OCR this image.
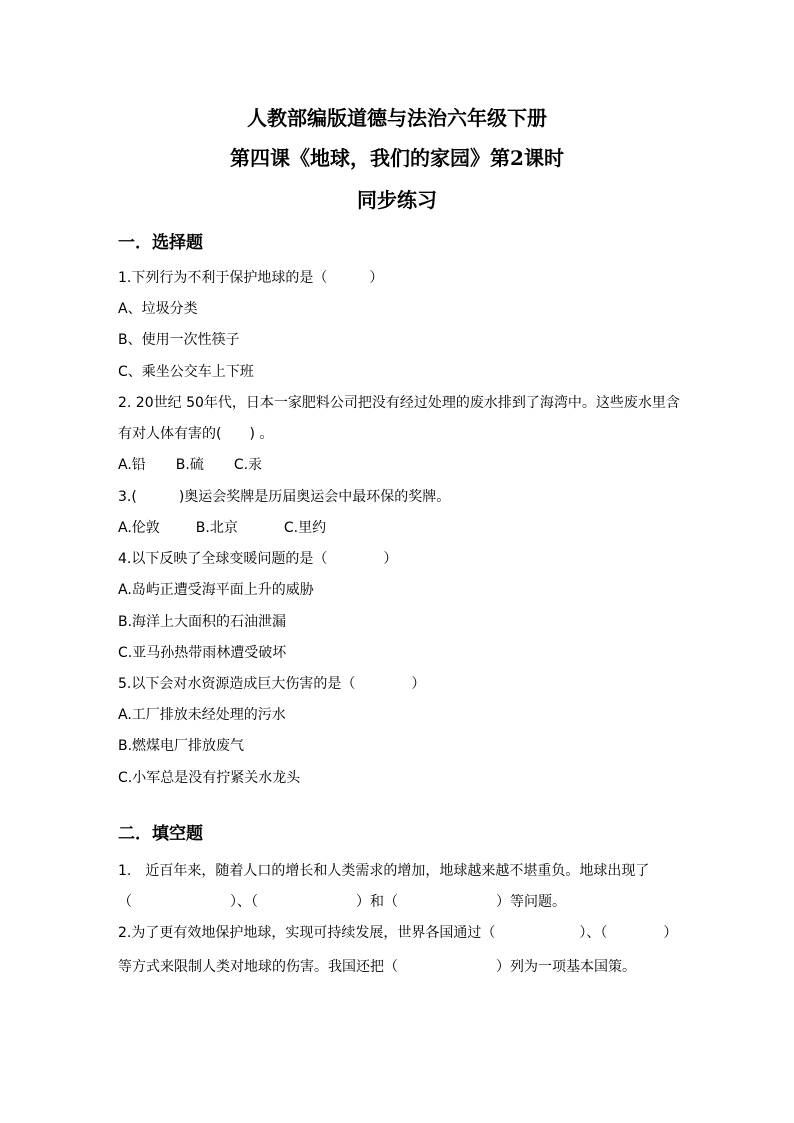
人教部编版道德与法治六年级下册
第四课《地球，我们的家园》第2课时
同步练习
一．选择题
1.下列行为不利于保护地球的是（　　　）
A、垃圾分类
B、使用一次性筷子
C、乘坐公交车上下班
2. 20世纪 50年代，日本一家肥料公司把没有经过处理的废水排到了海湾中。这些废水里含
有对人体有害的(　　) 。
A.铅 B.硫 C.汞
3.(　　　)奥运会奖牌是历届奥运会中最环保的奖牌。
A.伦敦	B.北京	C.里约
4.以下反映了全球变暖问题的是（　　　　）
A.岛屿正遭受海平面上升的威胁
B.海洋上大面积的石油泄漏
C.亚马孙热带雨林遭受破坏
5.以下会对水资源造成巨大伤害的是（　　　　）
A.工厂排放未经处理的污水
B.燃煤电厂排放废气
C.小军总是没有拧紧关水龙头
二．填空题
1.　近百年来，随着人口的增长和人类需求的增加，地球越来越不堪重负。地球出现了
（　　　　　　　）、（　　　　　　　）和（　　　　　　　）等问题。
2.为了更有效地保护地球，实现可持续发展，世界各国通过（　　　　　　）、（　　　　）
等方式来限制人类对地球的伤害。我国还把（　　　　　　　）列为一项基本国策。
